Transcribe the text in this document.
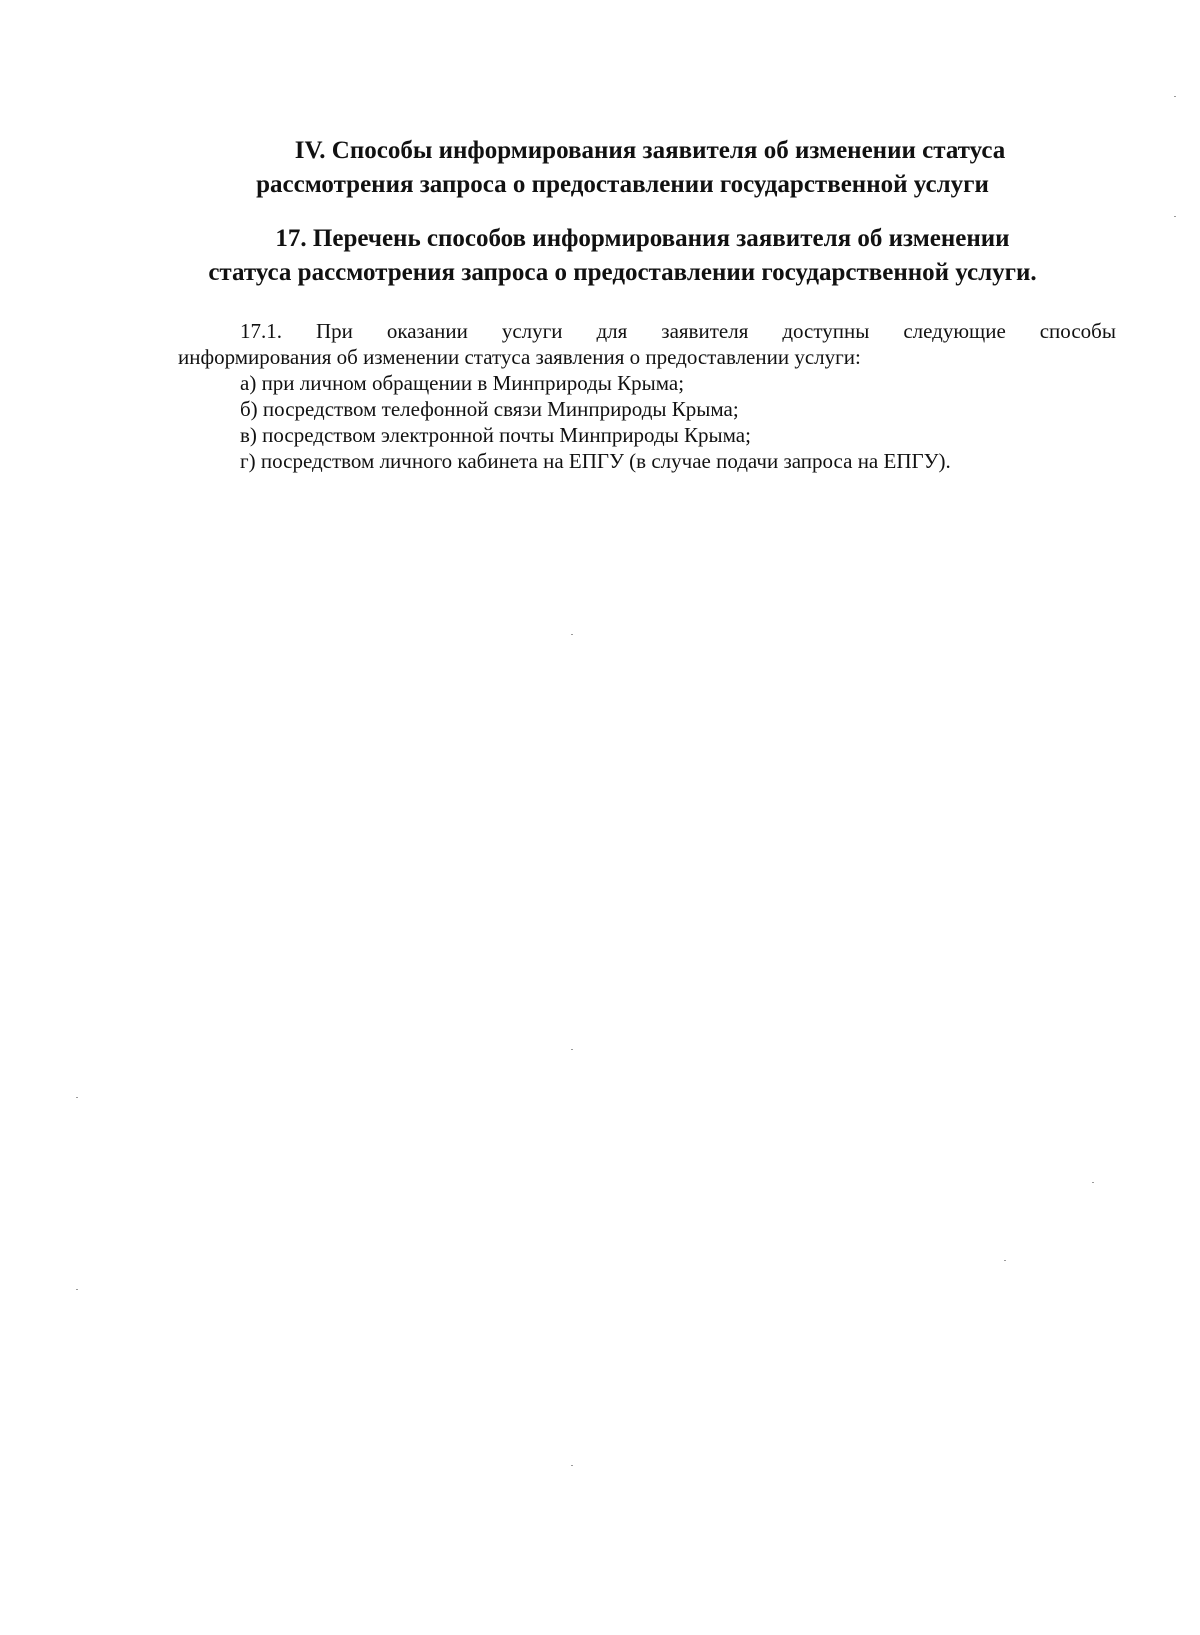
IV. Способы информирования заявителя об изменении статуса
рассмотрения запроса о предоставлении государственной услуги
17. Перечень способов информирования заявителя об изменении
статуса рассмотрения запроса о предоставлении государственной услуги.

17.1. При оказании услуги для заявителя доступны следующие способы
информирования об изменении статуса заявления о предоставлении услуги:

а) при личном обращении в Минприроды Крыма;

б) посредством телефонной связи Минприроды Крыма;

в) посредством электронной почты Минприроды Крыма;

г) посредством личного кабинета на ЕПГУ (в случае подачи запроса на ЕПГУ).
